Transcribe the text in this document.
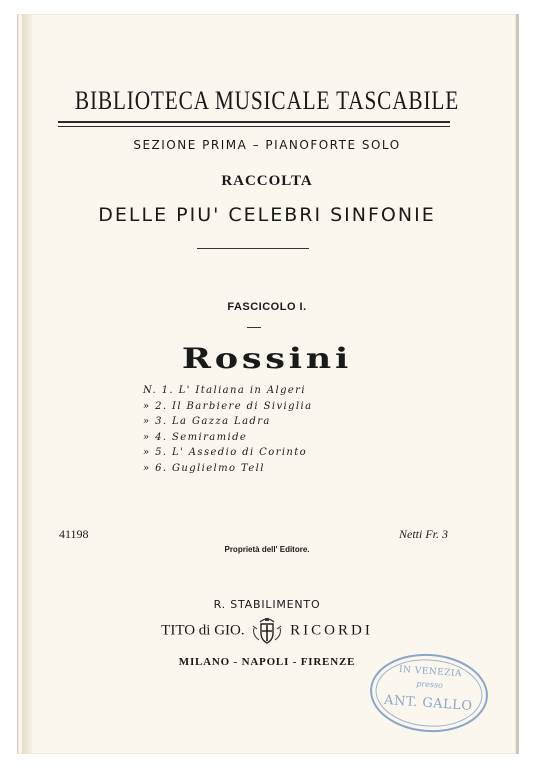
BIBLIOTECA MUSICALE TASCABILE
SEZIONE PRIMA – PIANOFORTE SOLO
RACCOLTA
DELLE PIU' CELEBRI SINFONIE
FASCICOLO I.
Rossini
N. 1. L' Italiana in Algeri
» 2. Il Barbiere di Siviglia
» 3. La Gazza Ladra
» 4. Semiramide
» 5. L' Assedio di Corinto
» 6. Guglielmo Tell
41198	Netti Fr. 3
Proprietà dell' Editore.
R. STABILIMENTO
TITO di GIO.	RICORDI
MILANO - NAPOLI - FIRENZE
IN VENEZIA
presso
ANT. GALLO
